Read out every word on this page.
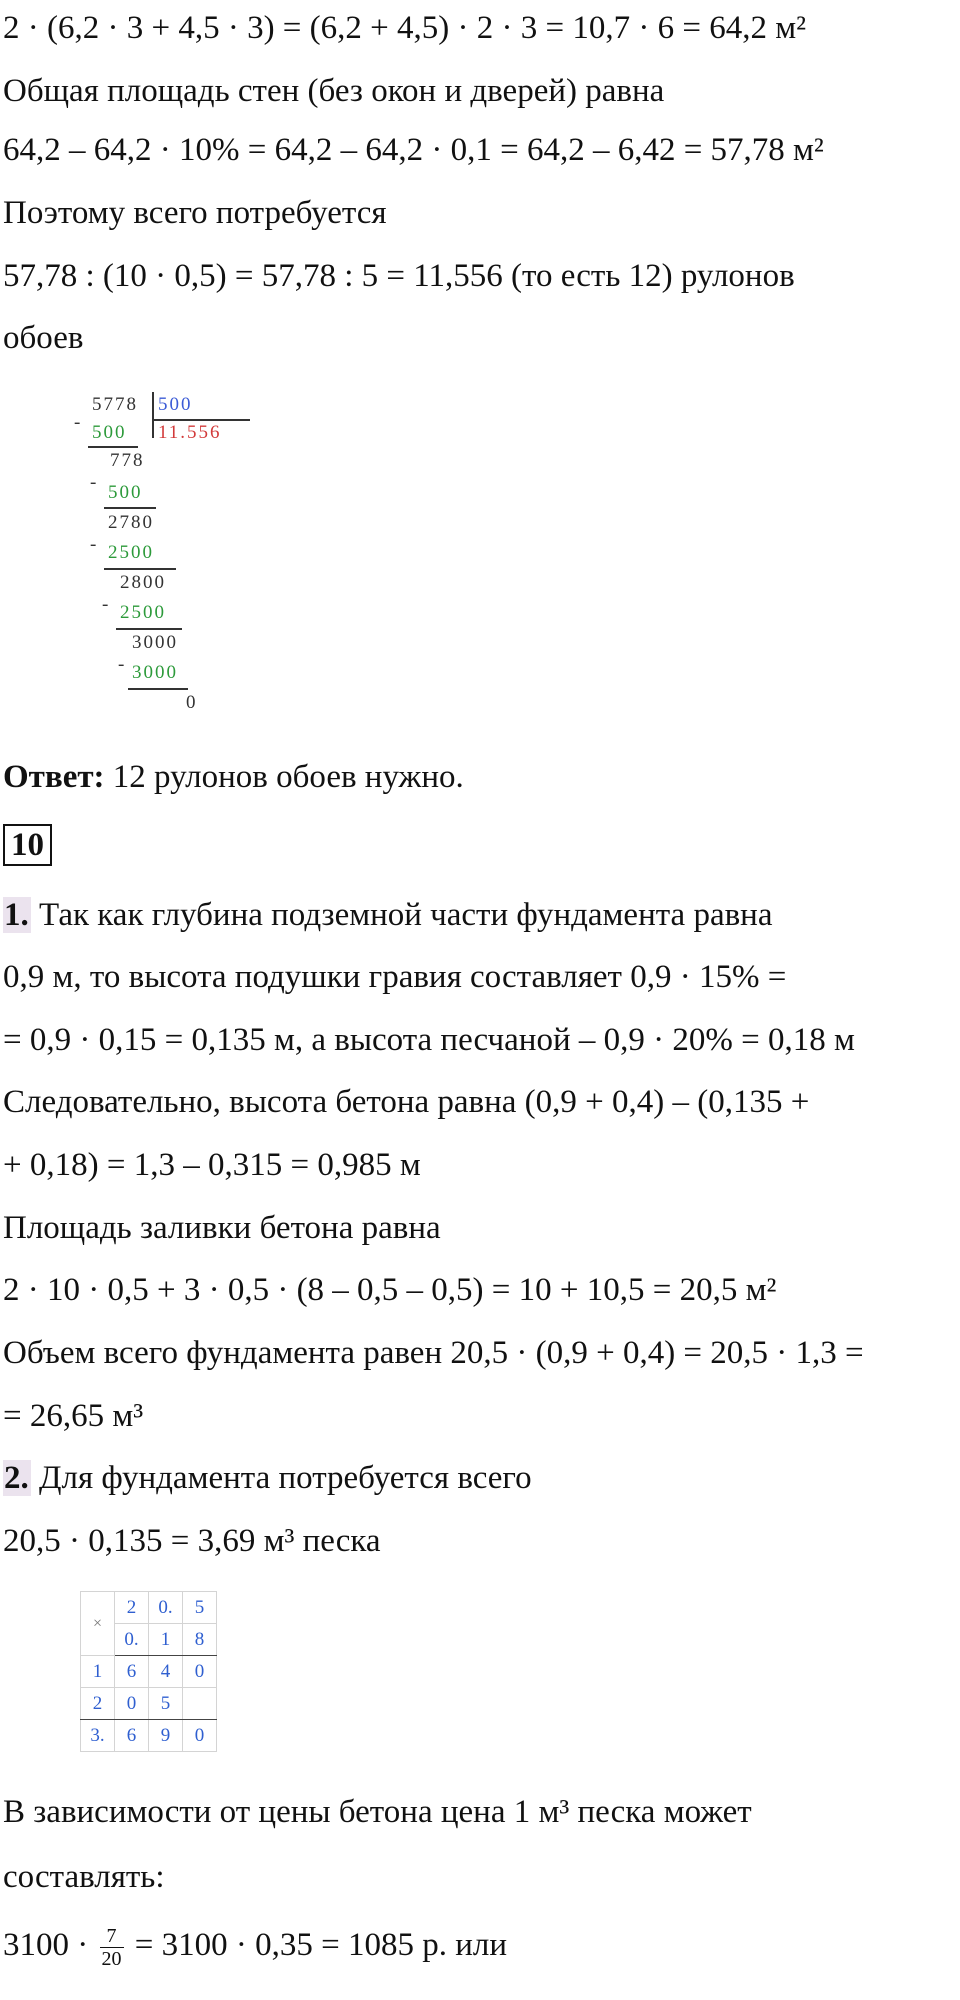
2 · (6,2 · 3 + 4,5 · 3) = (6,2 + 4,5) · 2 · 3 = 10,7 · 6 = 64,2 м²
Общая площадь стен (без окон и дверей) равна
64,2 – 64,2 · 10% = 64,2 – 64,2 · 0,1 = 64,2 – 6,42 = 57,78 м²
Поэтому всего потребуется
57,78 : (10 · 0,5) = 57,78 : 5 = 11,556 (то есть 12) рулонов
обоев
5778 500
11.556
- 500
778
- 500
2780
- 2500
2800
- 2500
3000
- 3000
0
Ответ: 12 рулонов обоев нужно.
10
1. Так как глубина подземной части фундамента равна
0,9 м, то высота подушки гравия составляет 0,9 · 15% =
= 0,9 · 0,15 = 0,135 м, а высота песчаной – 0,9 · 20% = 0,18 м
Следовательно, высота бетона равна (0,9 + 0,4) – (0,135 +
+ 0,18) = 1,3 – 0,315 = 0,985 м
Площадь заливки бетона равна
2 · 10 · 0,5 + 3 · 0,5 · (8 – 0,5 – 0,5) = 10 + 10,5 = 20,5 м²
Объем всего фундамента равен 20,5 · (0,9 + 0,4) = 20,5 · 1,3 =
= 26,65 м³
2. Для фундамента потребуется всего
20,5 · 0,135 = 3,69 м³ песка
×	2	0.	5
	0.	1	8
1	6	4	0
2	0	5	
3.	6	9	0
В зависимости от цены бетона цена 1 м³ песка может
составлять:
$3100 \cdot \frac{7}{20} = 3100 \cdot 0,35 = 1085$ р. или
